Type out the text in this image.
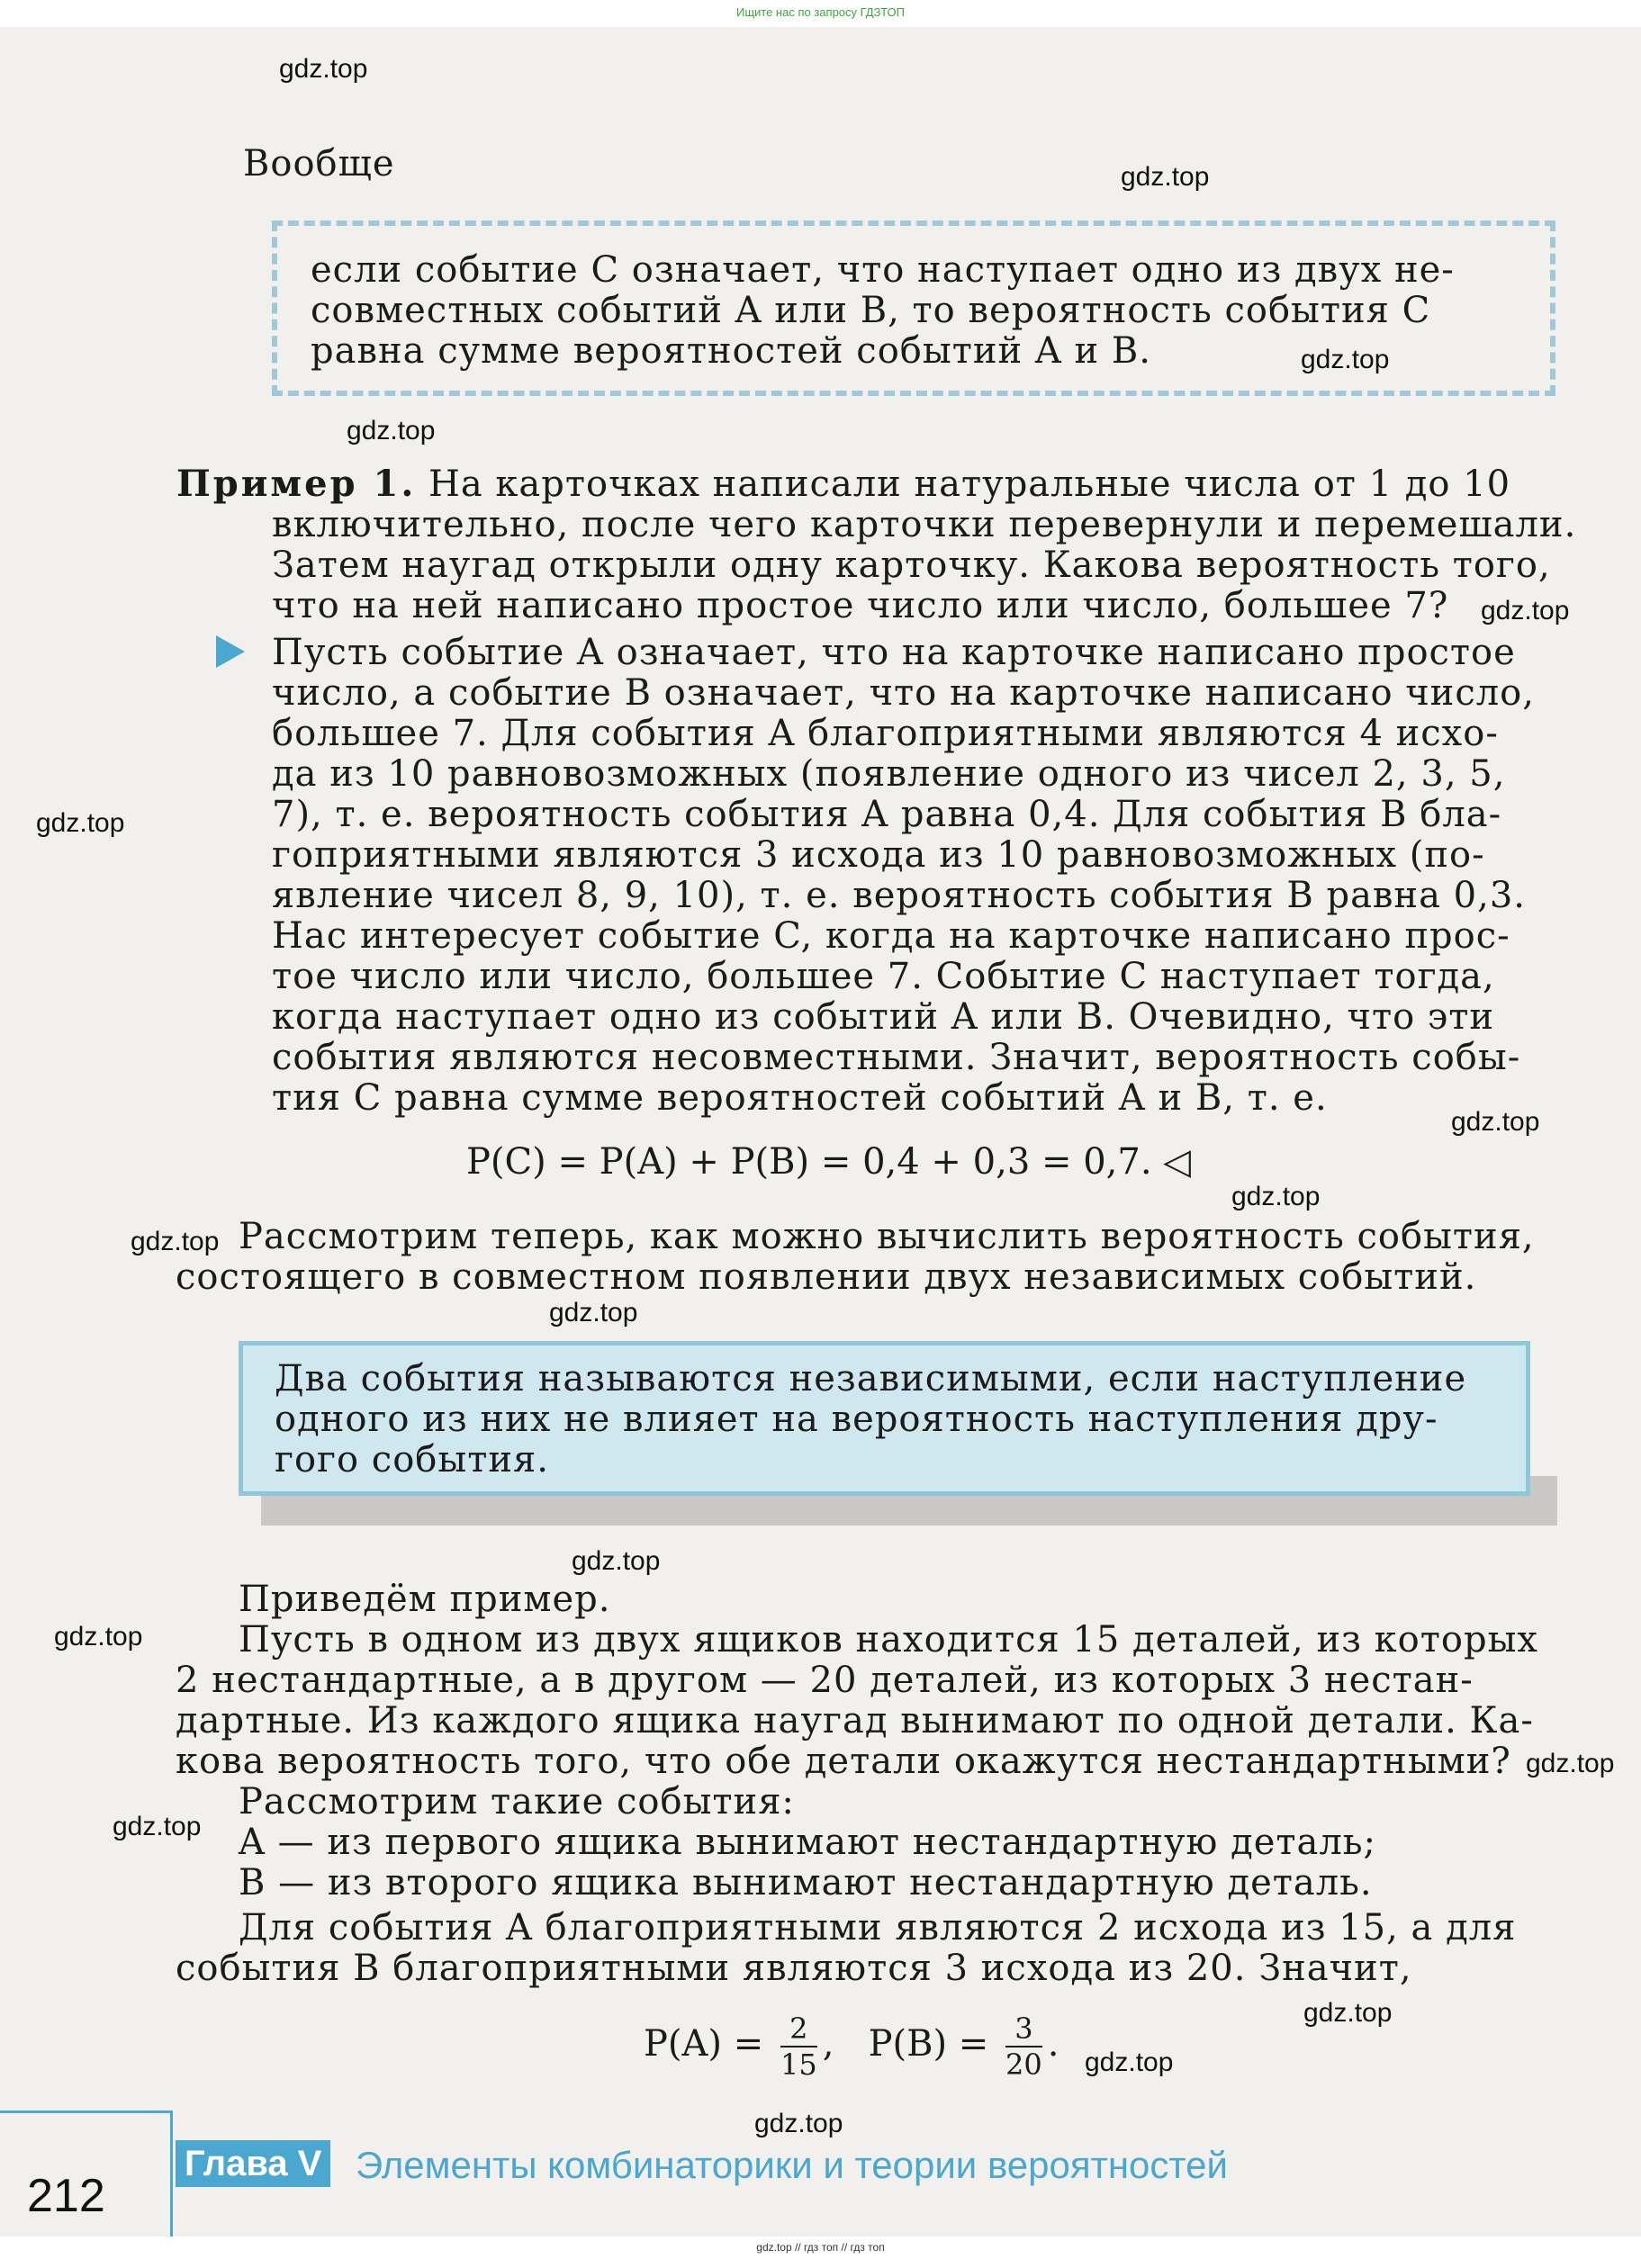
Ищите нас по запросу ГДЗТОП
gdz.top
gdz.top
gdz.top
gdz.top
gdz.top
gdz.top
gdz.top
gdz.top
gdz.top
gdz.top
gdz.top
gdz.top
gdz.top
gdz.top
gdz.top
gdz.top
gdz.top
Вообще
если событие C означает, что наступает одно из двух не-
совместных событий A или B, то вероятность события C
равна сумме вероятностей событий A и B.
Пример 1. На карточках написали натуральные числа от 1 до 10
включительно, после чего карточки перевернули и перемешали.
Затем наугад открыли одну карточку. Какова вероятность того,
что на ней написано простое число или число, большее 7?
Пусть событие A означает, что на карточке написано простое
число, а событие B означает, что на карточке написано число,
большее 7. Для события A благоприятными являются 4 исхо-
да из 10 равновозможных (появление одного из чисел 2, 3, 5,
7), т. е. вероятность события A равна 0,4. Для события B бла-
гоприятными являются 3 исхода из 10 равновозможных (по-
явление чисел 8, 9, 10), т. е. вероятность события B равна 0,3.
Нас интересует событие C, когда на карточке написано прос-
тое число или число, большее 7. Событие C наступает тогда,
когда наступает одно из событий A или B. Очевидно, что эти
события являются несовместными. Значит, вероятность собы-
тия C равна сумме вероятностей событий A и B, т. е.
P(C) = P(A) + P(B) = 0,4 + 0,3 = 0,7. ◁
Рассмотрим теперь, как можно вычислить вероятность события,
состоящего в совместном появлении двух независимых событий.
Два события называются независимыми, если наступление
одного из них не влияет на вероятность наступления дру-
гого события.
Приведём пример.
Пусть в одном из двух ящиков находится 15 деталей, из которых
2 нестандартные, а в другом — 20 деталей, из которых 3 нестан-
дартные. Из каждого ящика наугад вынимают по одной детали. Ка-
кова вероятность того, что обе детали окажутся нестандартными?
Рассмотрим такие события:
A — из первого ящика вынимают нестандартную деталь;
B — из второго ящика вынимают нестандартную деталь.
Для события A благоприятными являются 2 исхода из 15, а для
события B благоприятными являются 3 исхода из 20. Значит,
$P(A) = \frac{2}{15}$ , $P(B) = \frac{3}{20}$ .
212
Глава V Элементы комбинаторики и теории вероятностей
gdz.top // гдз топ // гдз топ
